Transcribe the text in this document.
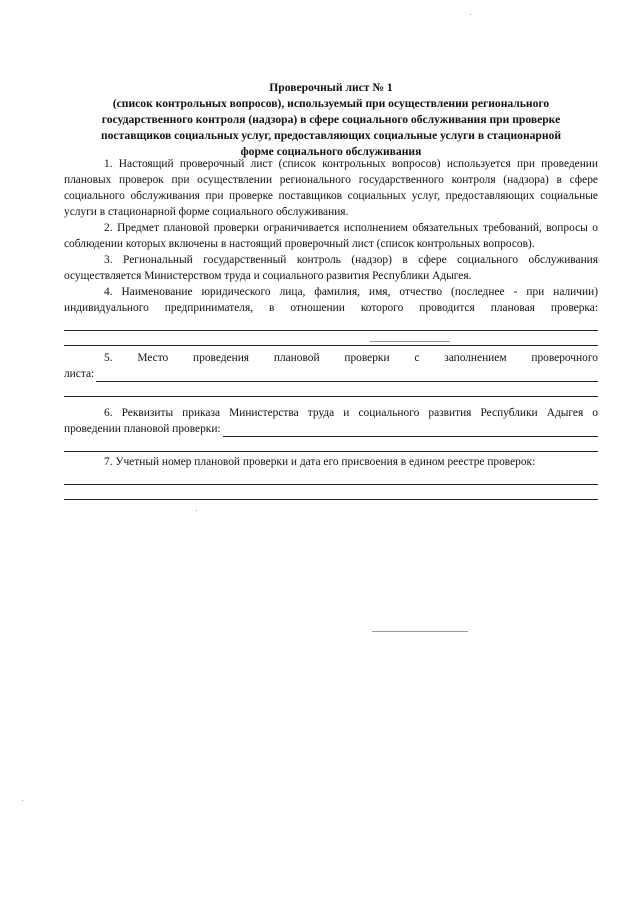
Проверочный лист № 1
(список контрольных вопросов), используемый при осуществлении регионального
государственного контроля (надзора) в сфере социального обслуживания при проверке
поставщиков социальных услуг, предоставляющих социальные услуги в стационарной
форме социального обслуживания

1. Настоящий проверочный лист (список контрольных вопросов) используется при проведении плановых проверок при осуществлении регионального государственного контроля (надзора) в сфере социального обслуживания при проверке поставщиков социальных услуг, предоставляющих социальные услуги в стационарной форме социального обслуживания.

2. Предмет плановой проверки ограничивается исполнением обязательных требований, вопросы о соблюдении которых включены в настоящий проверочный лист (список контрольных вопросов).

3. Региональный государственный контроль (надзор) в сфере социального обслуживания осуществляется Министерством труда и социального развития Республики Адыгея.

4. Наименование юридического лица, фамилия, имя, отчество (последнее - при наличии) индивидуального предпринимателя, в отношении которого проводится плановая проверка:

5. Место проведения плановой проверки с заполнением проверочного
листа:

6. Реквизиты приказа Министерства труда и социального развития Республики Адыгея о

проведении плановой проверки:

7. Учетный номер плановой проверки и дата его присвоения в едином реестре проверок:
